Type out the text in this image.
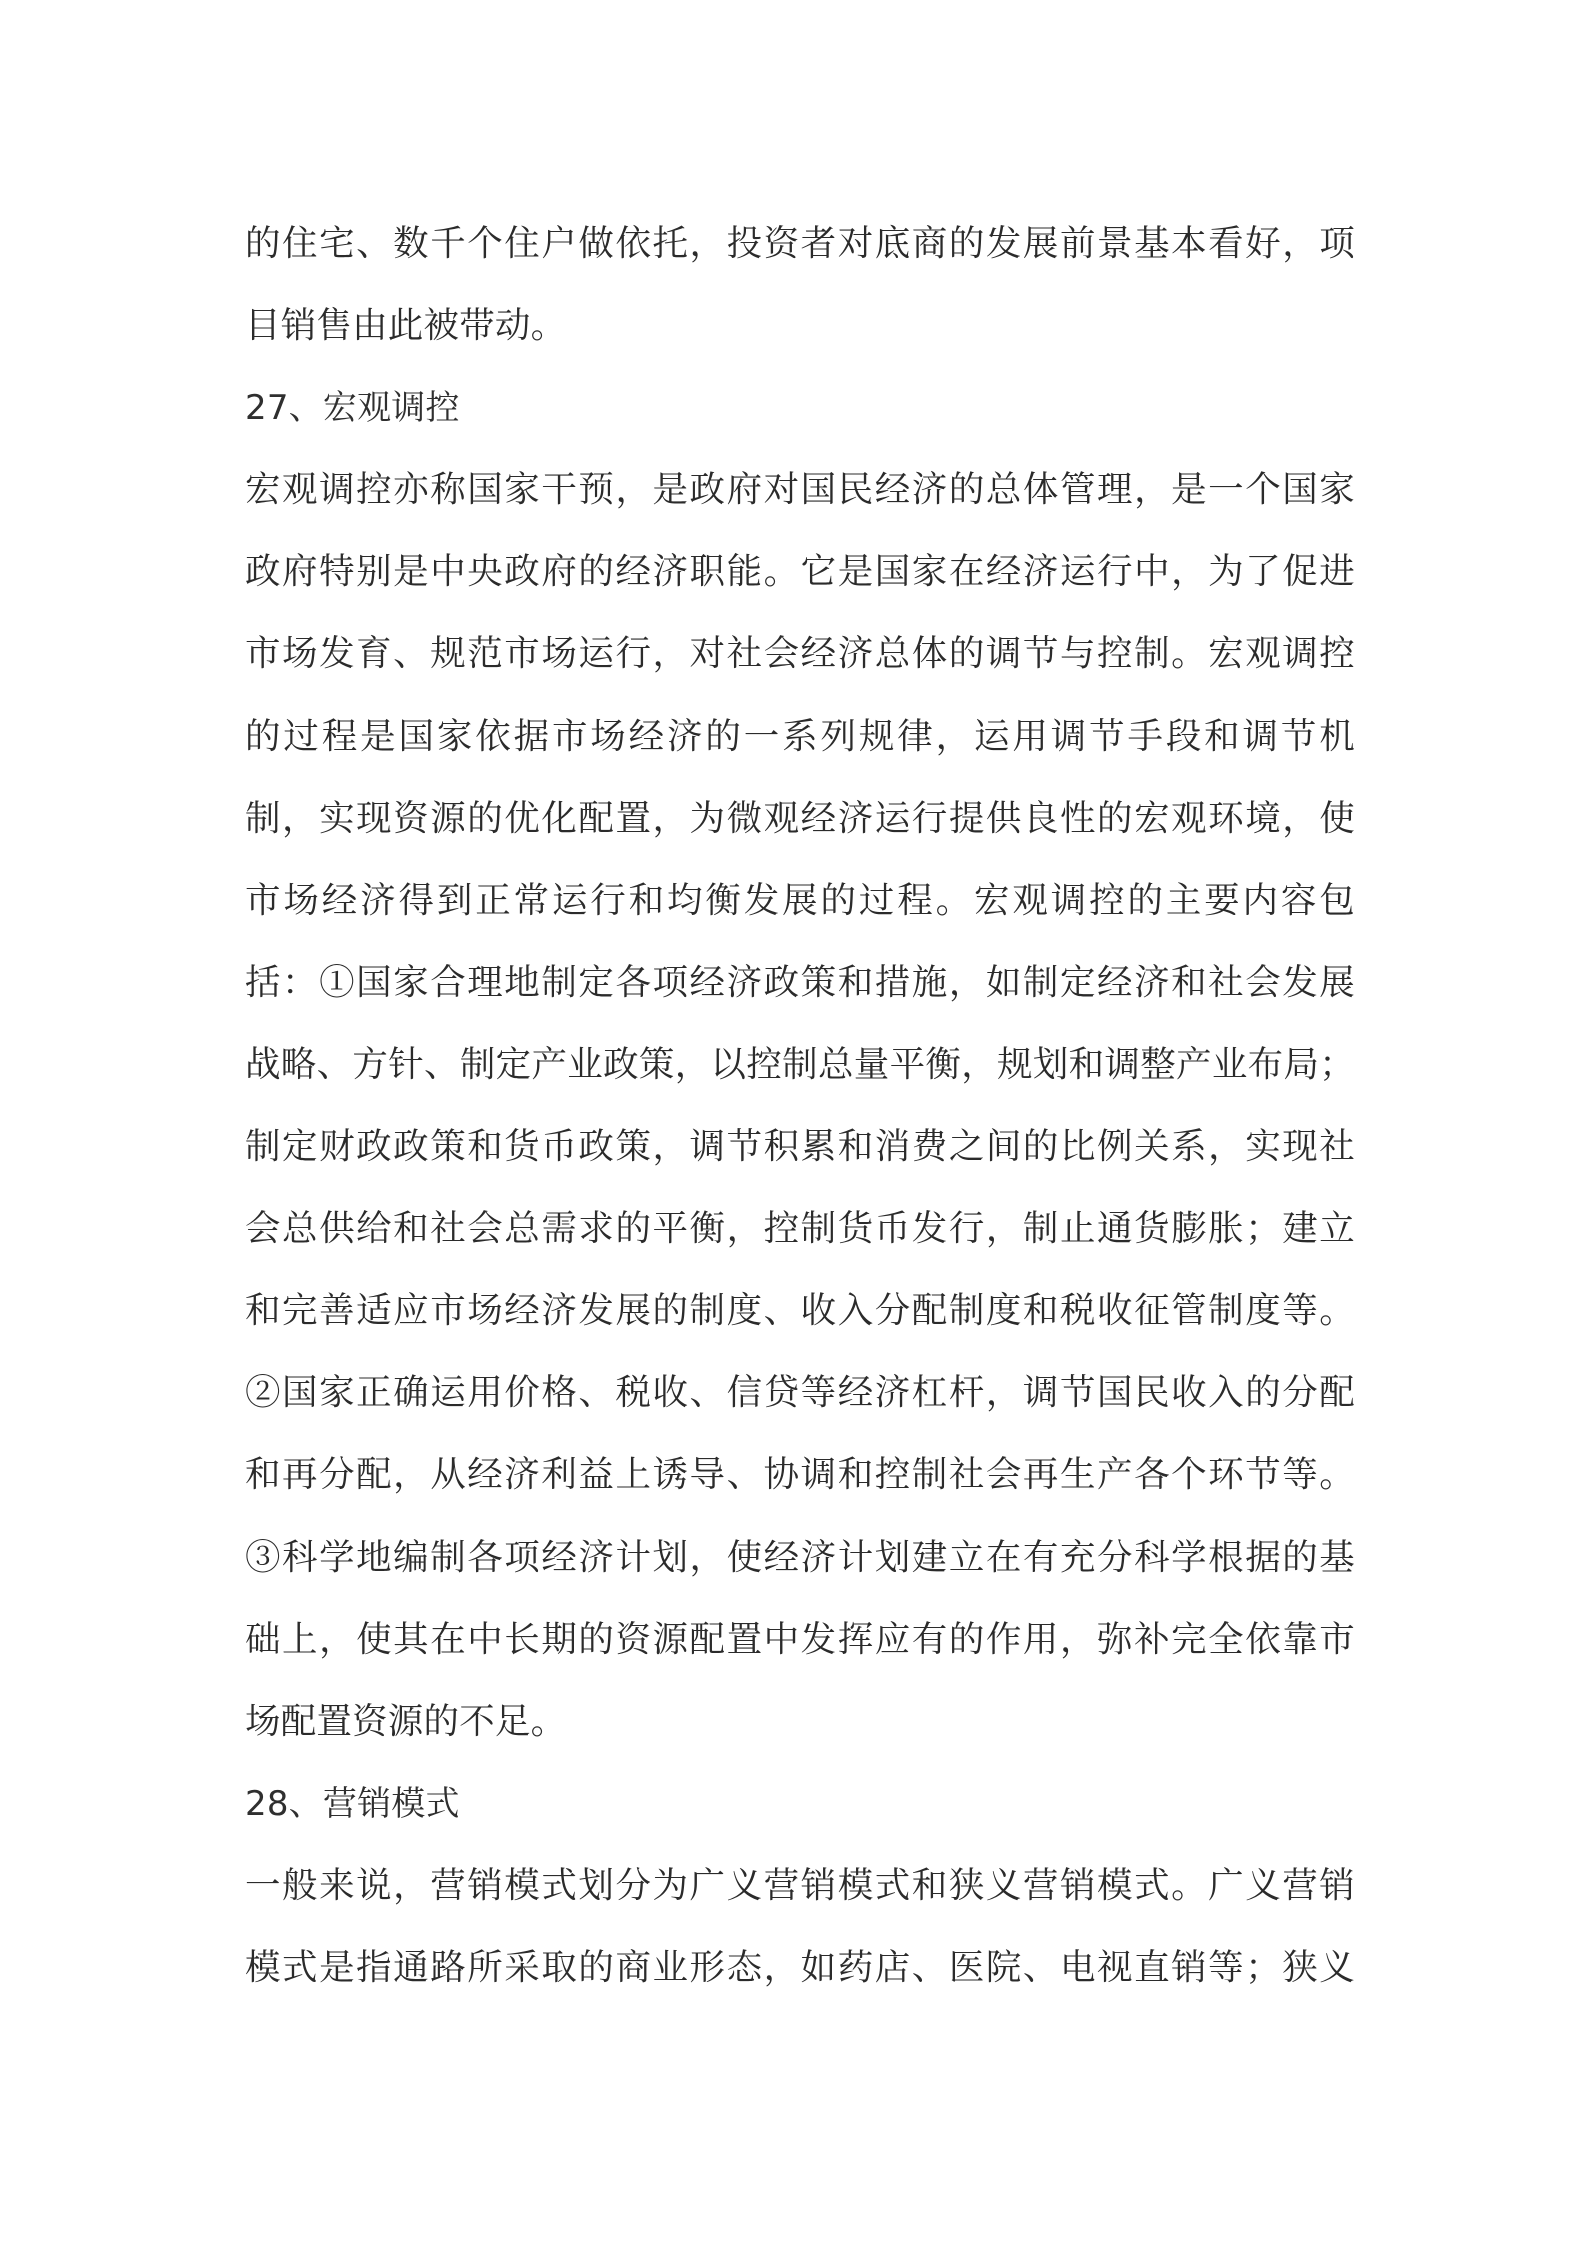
的住宅、数千个住户做依托，投资者对底商的发展前景基本看好，项
目销售由此被带动。
27、宏观调控
宏观调控亦称国家干预，是政府对国民经济的总体管理，是一个国家
政府特别是中央政府的经济职能。它是国家在经济运行中，为了促进
市场发育、规范市场运行，对社会经济总体的调节与控制。宏观调控
的过程是国家依据市场经济的一系列规律，运用调节手段和调节机
制，实现资源的优化配置，为微观经济运行提供良性的宏观环境，使
市场经济得到正常运行和均衡发展的过程。宏观调控的主要内容包
括：①国家合理地制定各项经济政策和措施，如制定经济和社会发展
战略、方针、制定产业政策，以控制总量平衡，规划和调整产业布局；
制定财政政策和货币政策，调节积累和消费之间的比例关系，实现社
会总供给和社会总需求的平衡，控制货币发行，制止通货膨胀；建立
和完善适应市场经济发展的制度、收入分配制度和税收征管制度等。
②国家正确运用价格、税收、信贷等经济杠杆，调节国民收入的分配
和再分配，从经济利益上诱导、协调和控制社会再生产各个环节等。
③科学地编制各项经济计划，使经济计划建立在有充分科学根据的基
础上，使其在中长期的资源配置中发挥应有的作用，弥补完全依靠市
场配置资源的不足。
28、营销模式
一般来说，营销模式划分为广义营销模式和狭义营销模式。广义营销
模式是指通路所采取的商业形态，如药店、医院、电视直销等；狭义
